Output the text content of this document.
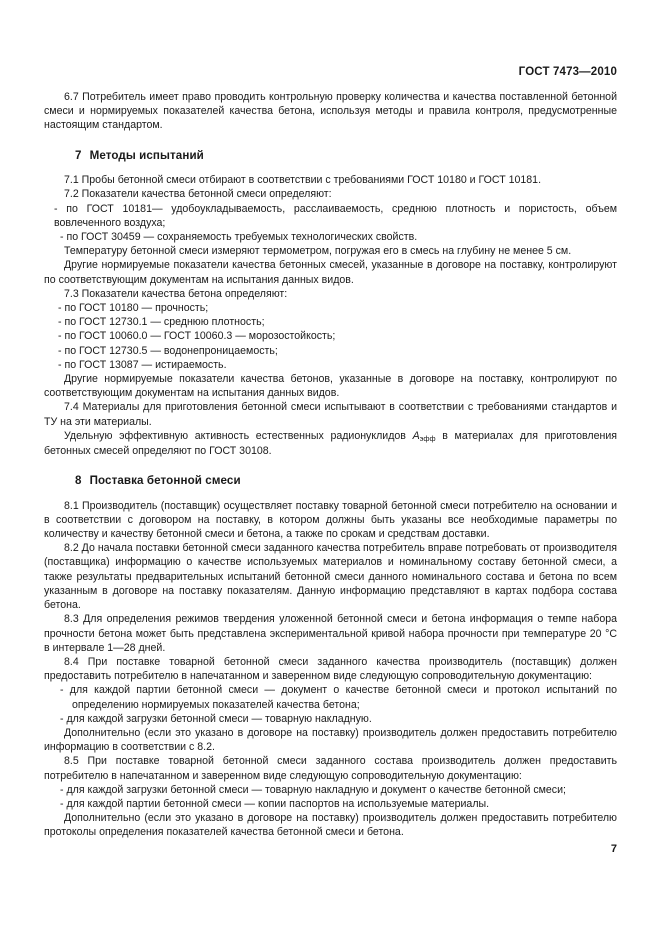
ГОСТ 7473—2010

6.7 Потребитель имеет право проводить контрольную проверку количества и качества поставленной бетонной смеси и нормируемых показателей качества бетона, используя методы и правила контроля, предусмотренные настоящим стандартом.

7 Методы испытаний

7.1 Пробы бетонной смеси отбирают в соответствии с требованиями ГОСТ 10180 и ГОСТ 10181.

7.2 Показатели качества бетонной смеси определяют:

- по ГОСТ 10181— удобоукладываемость, расслаиваемость, среднюю плотность и пористость, объем вовлеченного воздуха;

- по ГОСТ 30459 — сохраняемость требуемых технологических свойств.

Температуру бетонной смеси измеряют термометром, погружая его в смесь на глубину не менее 5 см.

Другие нормируемые показатели качества бетонных смесей, указанные в договоре на поставку, контролируют по соответствующим документам на испытания данных видов.

7.3 Показатели качества бетона определяют:

- по ГОСТ 10180 — прочность;

- по ГОСТ 12730.1 — среднюю плотность;

- по ГОСТ 10060.0 — ГОСТ 10060.3 — морозостойкость;

- по ГОСТ 12730.5 — водонепроницаемость;

- по ГОСТ 13087 — истираемость.

Другие нормируемые показатели качества бетонов, указанные в договоре на поставку, контролируют по соответствующим документам на испытания данных видов.

7.4 Материалы для приготовления бетонной смеси испытывают в соответствии с требованиями стандартов и ТУ на эти материалы.

Удельную эффективную активность естественных радионуклидов $A_{эфф}$ в материалах для приготовления бетонных смесей определяют по ГОСТ 30108.

8 Поставка бетонной смеси

8.1 Производитель (поставщик) осуществляет поставку товарной бетонной смеси потребителю на основании и в соответствии с договором на поставку, в котором должны быть указаны все необходимые параметры по количеству и качеству бетонной смеси и бетона, а также по срокам и средствам доставки.

8.2 До начала поставки бетонной смеси заданного качества потребитель вправе потребовать от производителя (поставщика) информацию о качестве используемых материалов и номинальному составу бетонной смеси, а также результаты предварительных испытаний бетонной смеси данного номинального состава и бетона по всем указанным в договоре на поставку показателям. Данную информацию представляют в картах подбора состава бетона.

8.3 Для определения режимов твердения уложенной бетонной смеси и бетона информация о темпе набора прочности бетона может быть представлена экспериментальной кривой набора прочности при температуре 20 °С в интервале 1—28 дней.

8.4 При поставке товарной бетонной смеси заданного качества производитель (поставщик) должен предоставить потребителю в напечатанном и заверенном виде следующую сопроводительную документацию:

- для каждой партии бетонной смеси — документ о качестве бетонной смеси и протокол испытаний по определению нормируемых показателей качества бетона;

- для каждой загрузки бетонной смеси — товарную накладную.

Дополнительно (если это указано в договоре на поставку) производитель должен предоставить потребителю информацию в соответствии с 8.2.

8.5 При поставке товарной бетонной смеси заданного состава производитель должен предоставить потребителю в напечатанном и заверенном виде следующую сопроводительную документацию:

- для каждой загрузки бетонной смеси — товарную накладную и документ о качестве бетонной смеси;

- для каждой партии бетонной смеси — копии паспортов на используемые материалы.

Дополнительно (если это указано в договоре на поставку) производитель должен предоставить потребителю протоколы определения показателей качества бетонной смеси и бетона.

7
